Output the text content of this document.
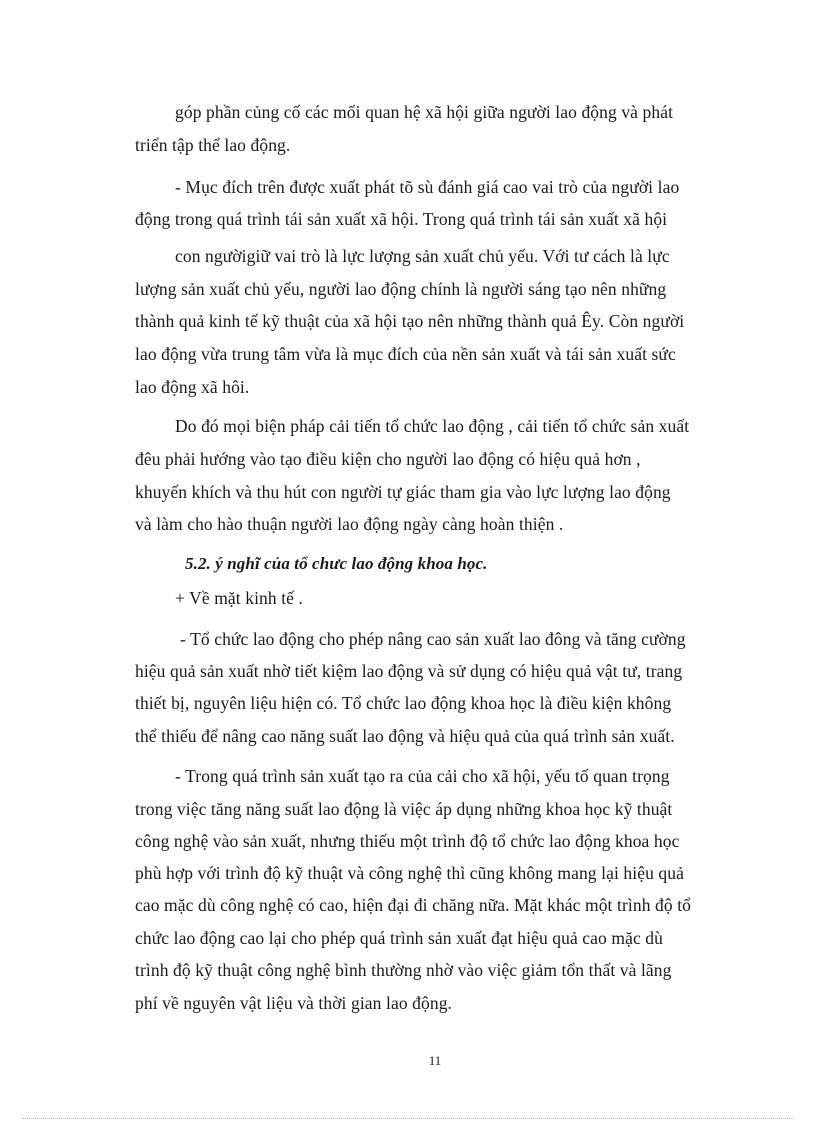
góp phần củng cố các mối quan hệ xã hội giữa người lao động và phát
triển tập thể lao động.
- Mục đích trên được xuất phát tõ sù đánh giá cao vai trò của người lao
động trong quá trình tái sản xuất xã hội. Trong quá trình tái sản xuất xã hội
con ngườigiữ vai trò là lực lượng sản xuất chủ yếu. Với tư cách là lực
lượng sản xuất chủ yếu, người lao động chính là người sáng tạo nên những
thành quả kinh tế kỹ thuật của xã hội tạo nên những thành quả Êy. Còn người
lao động vừa trung tâm vừa là mục đích của nền sản xuất và tái sản xuất sức
lao động xã hôi.
Do đó mọi biện pháp cải tiến tổ chức lao động , cải tiến tổ chức sản xuất
đêu phải hướng vào tạo điều kiện cho người lao động có hiệu quả hơn ,
khuyến khích và thu hút con người tự giác tham gia vào lực lượng lao động
và làm cho hào thuận người lao động ngày càng hoàn thiện .
5.2. ý nghĩ của tổ chưc lao động khoa học.
+ Về mặt kinh tế .
- Tổ chức lao động cho phép nâng cao sản xuất lao đông và tăng cường
hiệu quả sản xuất nhờ tiết kiệm lao động và sử dụng có hiệu quả vật tư, trang
thiết bị, nguyên liệu hiện có. Tổ chức lao động khoa học là điều kiện không
thể thiếu để nâng cao năng suất lao động và hiệu quả của quá trình sản xuất.
- Trong quá trình sản xuất tạo ra của cải cho xã hội, yếu tố quan trọng
trong việc tăng năng suất lao động là việc áp dụng những khoa học kỹ thuật
công nghệ vào sản xuất, nhưng thiếu một trình độ tổ chức lao động khoa học
phù hợp với trình độ kỹ thuật và công nghệ thì cũng không mang lại hiệu quả
cao mặc dù công nghệ có cao, hiện đại đi chăng nữa. Mặt khác một trình độ tổ
chức lao động cao lại cho phép quá trình sản xuất đạt hiệu quả cao mặc dù
trình độ kỹ thuật công nghệ bình thường nhờ vào việc giảm tổn thất và lãng
phí về nguyên vật liệu và thời gian lao động.
11
